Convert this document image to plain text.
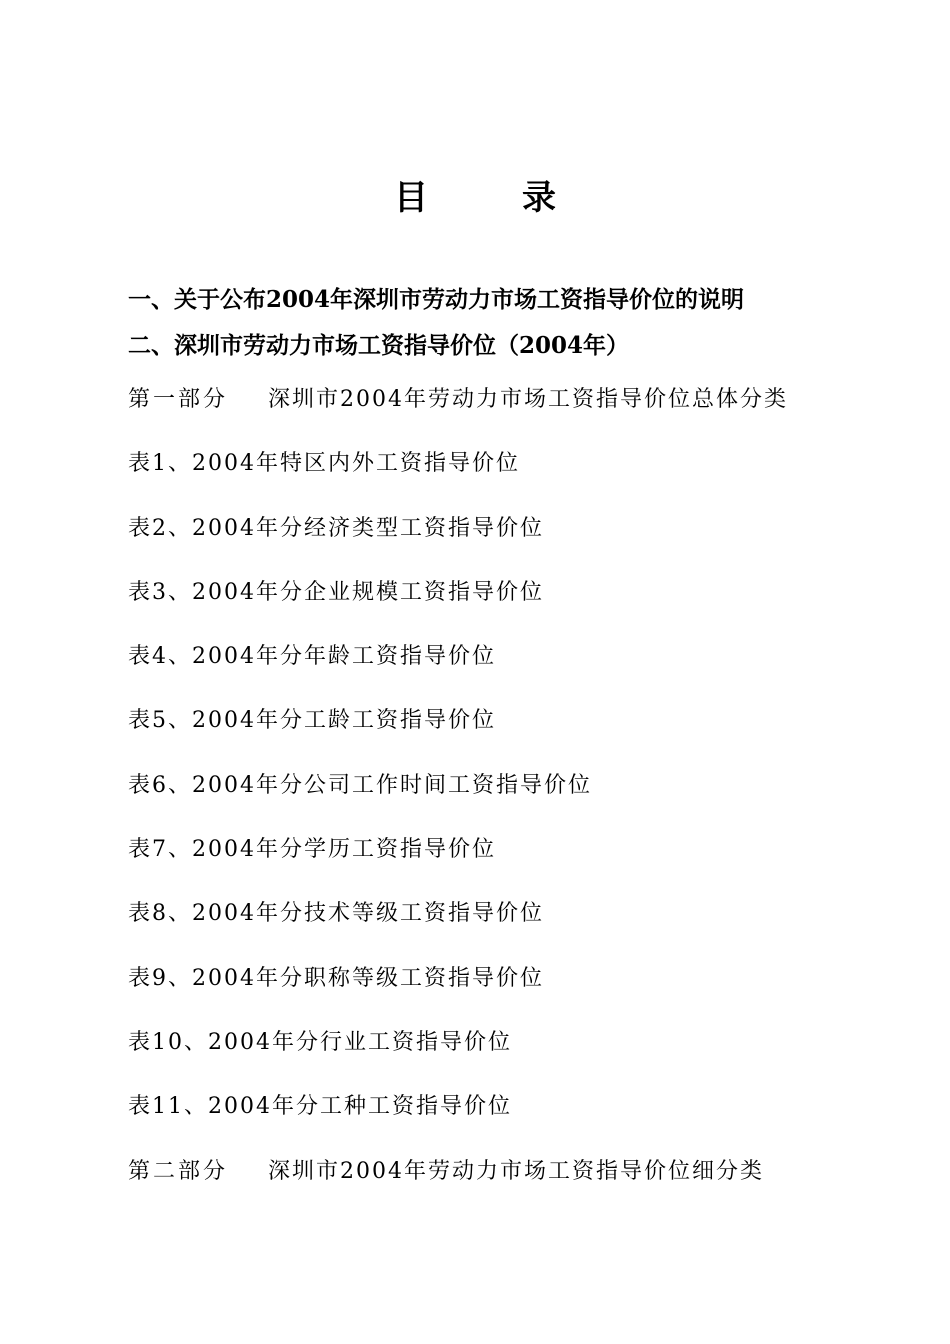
目　录
一、关于公布2004年深圳市劳动力市场工资指导价位的说明
二、深圳市劳动力市场工资指导价位（2004年）
第一部分 深圳市2004年劳动力市场工资指导价位总体分类
表1、2004年特区内外工资指导价位
表2、2004年分经济类型工资指导价位
表3、2004年分企业规模工资指导价位
表4、2004年分年龄工资指导价位
表5、2004年分工龄工资指导价位
表6、2004年分公司工作时间工资指导价位
表7、2004年分学历工资指导价位
表8、2004年分技术等级工资指导价位
表9、2004年分职称等级工资指导价位
表10、2004年分行业工资指导价位
表11、2004年分工种工资指导价位
第二部分 深圳市2004年劳动力市场工资指导价位细分类
